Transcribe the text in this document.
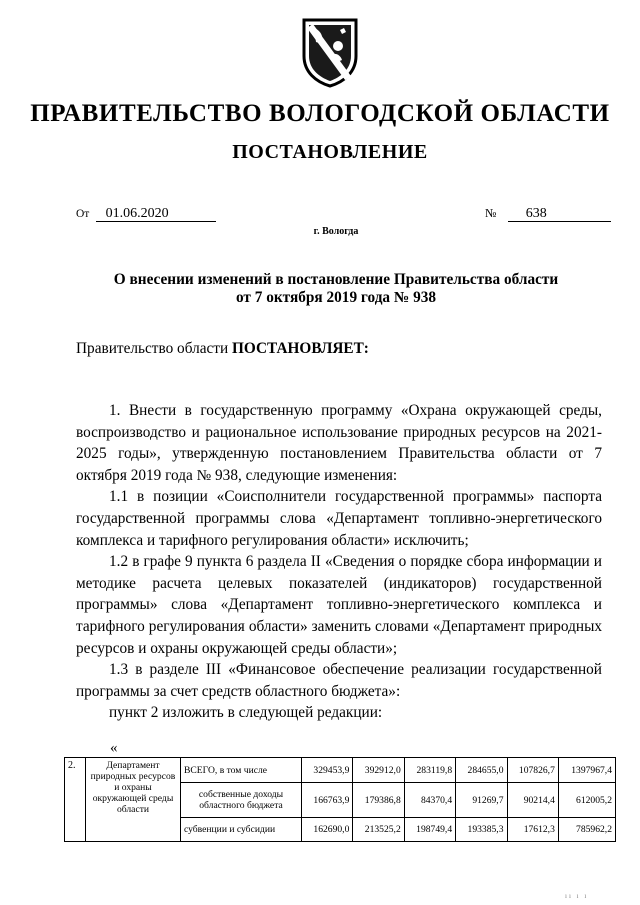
ПРАВИТЕЛЬСТВО ВОЛОГОДСКОЙ ОБЛАСТИ
ПОСТАНОВЛЕНИЕ
От 01.06.2020	№ 638
г. Вологда
О внесении изменений в постановление Правительства области
от 7 октября 2019 года № 938
Правительство области ПОСТАНОВЛЯЕТ:

1. Внести в государственную программу «Охрана окружающей среды, воспроизводство и рациональное использование природных ресурсов на 2021-2025 годы», утвержденную постановлением Правительства области от 7 октября 2019 года № 938, следующие изменения:

1.1 в позиции «Соисполнители государственной программы» паспорта государственной программы слова «Департамент топливно-энергетического комплекса и тарифного регулирования области» исключить;

1.2 в графе 9 пункта 6 раздела II «Сведения о порядке сбора информации и методике расчета целевых показателей (индикаторов) государственной программы» слова «Департамент топливно-энергетического комплекса и тарифного регулирования области» заменить словами «Департамент природных ресурсов и охраны окружающей среды области»;

1.3 в разделе III «Финансовое обеспечение реализации государственной программы за счет средств областного бюджета»:

пункт 2 изложить в следующей редакции:

«
2.	Департамент природных ресурсов и охраны окружающей среды области	ВСЕГО, в том числе	329453,9	392912,0	283119,8	284655,0	107826,7	1397967,4
		собственные доходы областного бюджета	166763,9	179386,8	84370,4	91269,7	90214,4	612005,2
		субвенции и субсидии	162690,0	213525,2	198749,4	193385,3	17612,3	785962,2
ıı ı ı
